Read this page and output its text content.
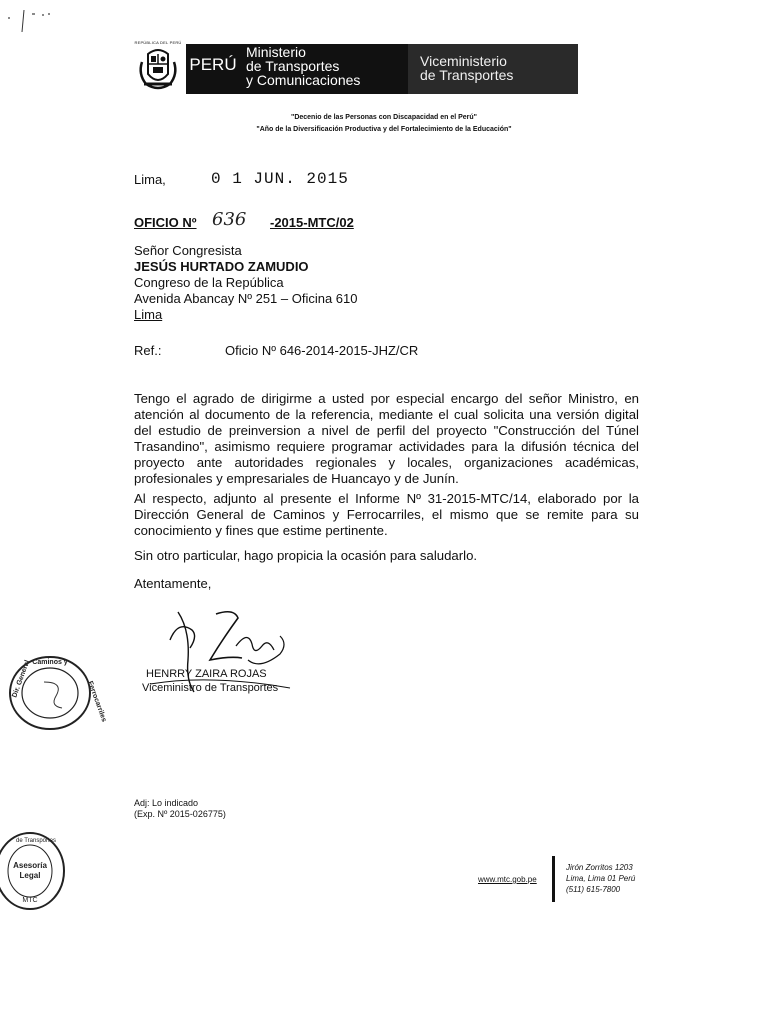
REPÚBLICA DEL PERÚ
PERÚ
Ministerio
de Transportes
y Comunicaciones
Viceministerio
de Transportes
"Decenio de las Personas con Discapacidad en el Perú"
"Año de la Diversificación Productiva y del Fortalecimiento de la Educación"
Lima,	0 1 JUN. 2015
OFICIO Nº 636 -2015-MTC/02
Señor Congresista
JESÚS HURTADO ZAMUDIO
Congreso de la República
Avenida Abancay Nº 251 – Oficina 610
Lima
Ref.:	Oficio Nº 646-2014-2015-JHZ/CR
Tengo el agrado de dirigirme a usted por especial encargo del señor Ministro, en atención al documento de la referencia, mediante el cual solicita una versión digital del estudio de preinversion a nivel de perfil del proyecto "Construcción del Túnel Trasandino", asimismo requiere programar actividades para la difusión técnica del proyecto ante autoridades regionales y locales, organizaciones académicas, profesionales y empresariales de Huancayo y de Junín.
Al respecto, adjunto al presente el Informe Nº 31-2015-MTC/14, elaborado por la Dirección General de Caminos y Ferrocarriles, el mismo que se remite para su conocimiento y fines que estime pertinente.
Sin otro particular, hago propicia la ocasión para saludarlo.
Atentamente,
HENRRY ZAIRA ROJAS
Viceministro de Transportes
Caminos y
Dir. General
Ferrocarriles
Asesoría
Legal
MTC
de Transportes
Adj: Lo indicado
(Exp. Nº 2015-026775)
www.mtc.gob.pe
Jirón Zorritos 1203
Lima, Lima 01 Perú
(511) 615-7800
